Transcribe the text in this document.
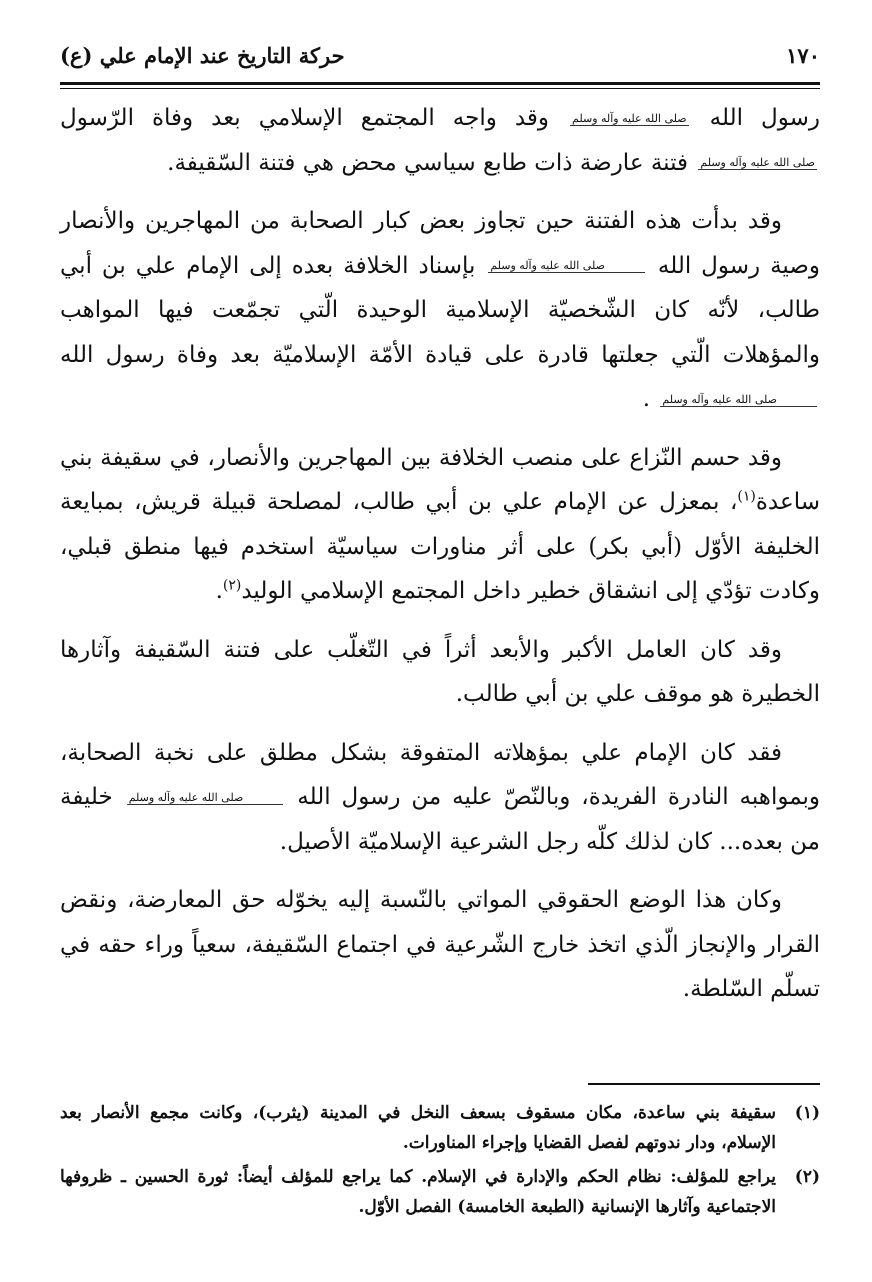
١٧٠
حركة التاريخ عند الإمام علي (ع)

رسول الله صلى الله عليه وآله وسلم وقد واجه المجتمع الإسلامي بعد وفاة الرّسول صلى الله عليه وآله وسلم فتنة عارضة ذات طابع سياسي محض هي فتنة السّقيفة.

وقد بدأت هذه الفتنة حين تجاوز بعض كبار الصحابة من المهاجرين والأنصار وصية رسول الله صلى الله عليه وآله وسلم بإسناد الخلافة بعده إلى الإمام علي بن أبي طالب، لأنّه كان الشّخصيّة الإسلامية الوحيدة الّتي تجمّعت فيها المواهب والمؤهلات الّتي جعلتها قادرة على قيادة الأمّة الإسلاميّة بعد وفاة رسول الله صلى الله عليه وآله وسلم .

وقد حسم النّزاع على منصب الخلافة بين المهاجرين والأنصار، في سقيفة بني ساعدة$^{(١)}$، بمعزل عن الإمام علي بن أبي طالب، لمصلحة قبيلة قريش، بمبايعة الخليفة الأوّل (أبي بكر) على أثر مناورات سياسيّة استخدم فيها منطق قبلي، وكادت تؤدّي إلى انشقاق خطير داخل المجتمع الإسلامي الوليد$^{(٢)}$.

وقد كان العامل الأكبر والأبعد أثراً في التّغلّب على فتنة السّقيفة وآثارها الخطيرة هو موقف علي بن أبي طالب.

فقد كان الإمام علي بمؤهلاته المتفوقة بشكل مطلق على نخبة الصحابة، وبمواهبه النادرة الفريدة، وبالنّصّ عليه من رسول الله صلى الله عليه وآله وسلم خليفة من بعده... كان لذلك كلّه رجل الشرعية الإسلاميّة الأصيل.

وكان هذا الوضع الحقوقي المواتي بالنّسبة إليه يخوّله حق المعارضة، ونقض القرار والإنجاز الّذي اتخذ خارج الشّرعية في اجتماع السّقيفة، سعياً وراء حقه في تسلّم السّلطة.

(١)
سقيفة بني ساعدة، مكان مسقوف بسعف النخل في المدينة (يثرب)، وكانت مجمع الأنصار بعد الإسلام، ودار ندوتهم لفصل القضايا وإجراء المناورات.
(٢)
يراجع للمؤلف: نظام الحكم والإدارة في الإسلام. كما يراجع للمؤلف أيضاً: ثورة الحسين ـ ظروفها الاجتماعية وآثارها الإنسانية (الطبعة الخامسة) الفصل الأوّل.
